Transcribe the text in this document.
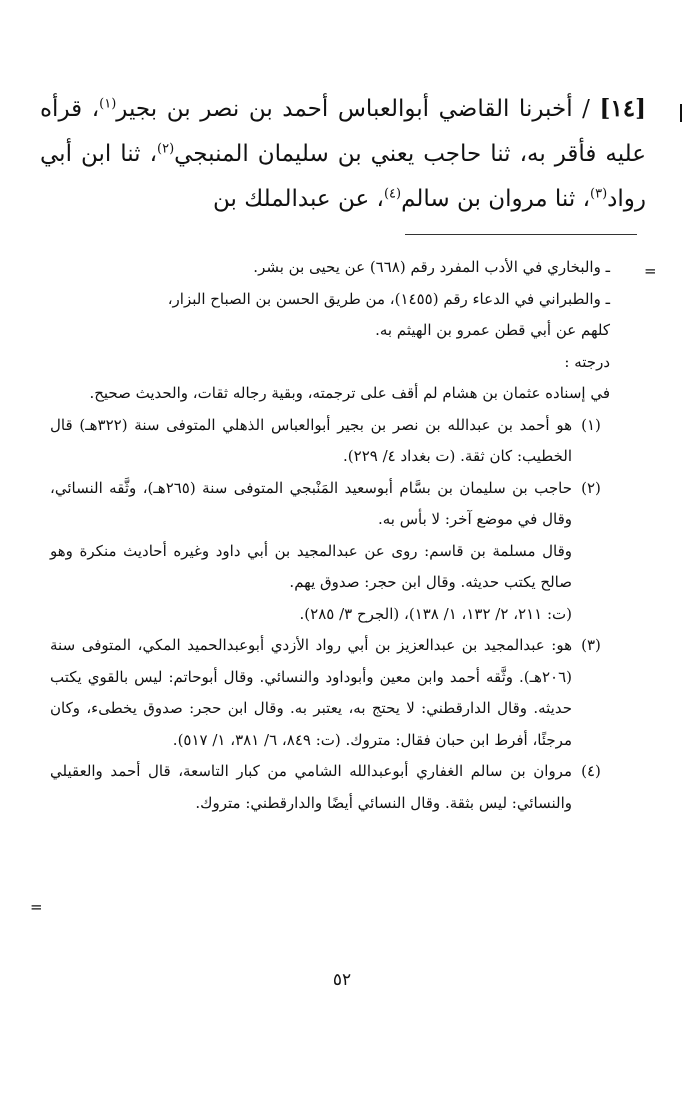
[١٤] / أخبرنا القاضي أبوالعباس أحمد بن نصر بن بجير$^{(١)}$، قرأه عليه فأقر به، ثنا حاجب يعني بن سليمان المنبجي$^{(٢)}$، ثنا ابن أبي رواد$^{(٣)}$، ثنا مروان بن سالم$^{(٤)}$، عن عبدالملك بن

=

ـ والبخاري في الأدب المفرد رقم (٦٦٨) عن يحيى بن بشر.

ـ والطبراني في الدعاء رقم (١٤٥٥)، من طريق الحسن بن الصباح البزار،

كلهم عن أبي قطن عمرو بن الهيثم به.

درجته :

في إسناده عثمان بن هشام لم أقف على ترجمته، وبقية رجاله ثقات، والحديث صحيح.

(١)

هو أحمد بن عبدالله بن نصر بن بجير أبوالعباس الذهلي المتوفى سنة (٣٢٢هـ) قال الخطيب: كان ثقة. (ت بغداد ٤/ ٢٢٩).

(٢)

حاجب بن سليمان بن بسَّام أبوسعيد المَنْبجي المتوفى سنة (٢٦٥هـ)، وثَّقه النسائي، وقال في موضع آخر: لا بأس به.

وقال مسلمة بن قاسم: روى عن عبدالمجيد بن أبي داود وغيره أحاديث منكرة وهو صالح يكتب حديثه. وقال ابن حجر: صدوق يهم.

(ت: ٢١١، ٢/ ١٣٢، ١/ ١٣٨)، (الجرح ٣/ ٢٨٥).

(٣)

هو: عبدالمجيد بن عبدالعزيز بن أبي رواد الأزدي أبوعبدالحميد المكي، المتوفى سنة (٢٠٦هـ). وثَّقه أحمد وابن معين وأبوداود والنسائي. وقال أبوحاتم: ليس بالقوي يكتب حديثه. وقال الدارقطني: لا يحتج به، يعتبر به. وقال ابن حجر: صدوق يخطىء، وكان مرجئًا، أفرط ابن حبان فقال: متروك. (ت: ٨٤٩، ٦/ ٣٨١، ١/ ٥١٧).

(٤)

مروان بن سالم الغفاري أبوعبدالله الشامي من كبار التاسعة، قال أحمد والعقيلي والنسائي: ليس بثقة. وقال النسائي أيضًا والدارقطني: متروك.

=
٥٢
